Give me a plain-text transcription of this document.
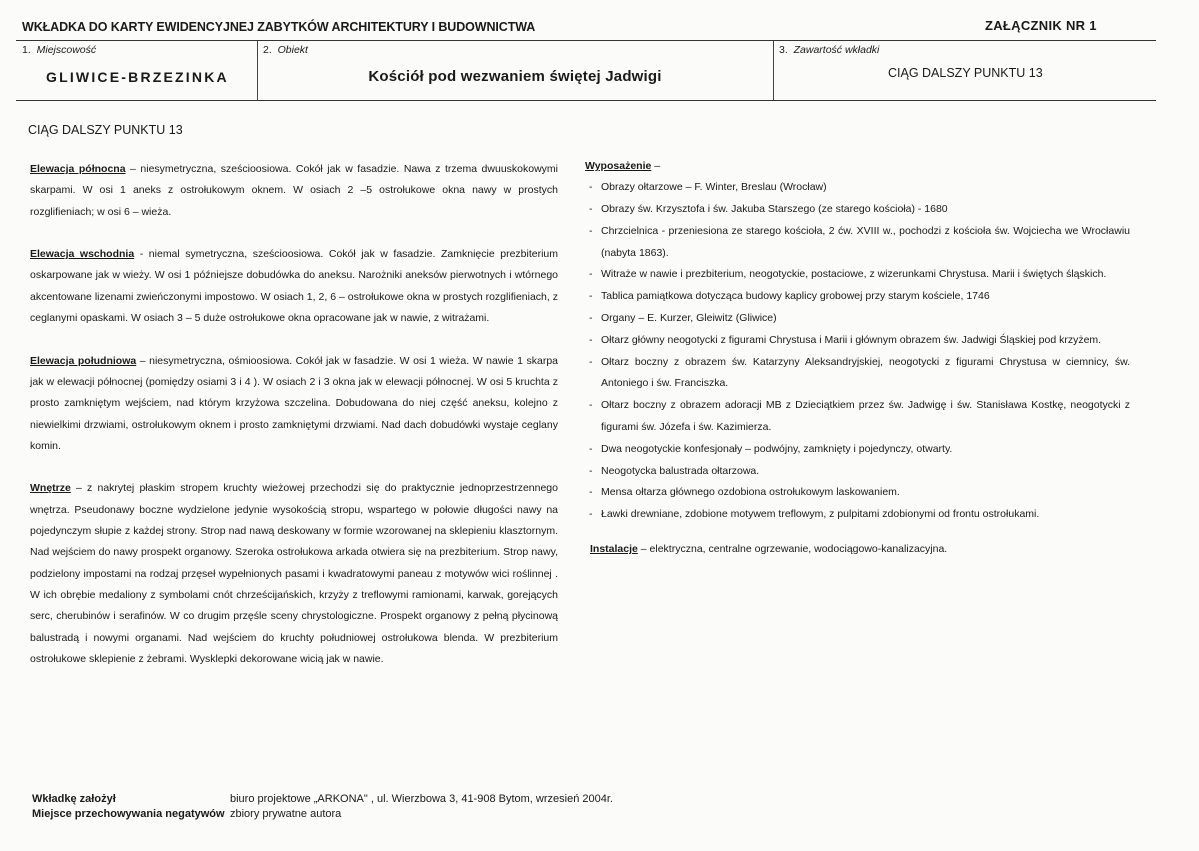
WKŁADKA DO KARTY EWIDENCYJNEJ ZABYTKÓW ARCHITEKTURY I BUDOWNICTWA	ZAŁĄCZNIK NR 1
1. Miejscowość
GLIWICE-BRZEZINKA
2. Obiekt
Kościół pod wezwaniem świętej Jadwigi
3. Zawartość wkładki
CIĄG DALSZY PUNKTU 13
CIĄG DALSZY PUNKTU 13

Elewacja północna – niesymetryczna, sześcioosiowa. Cokół jak w fasadzie. Nawa z trzema dwuuskokowymi skarpami. W osi 1 aneks z ostrołukowym oknem. W osiach 2 –5 ostrołukowe okna nawy w prostych rozglifieniach; w osi 6 – wieża.

Elewacja wschodnia - niemal symetryczna, sześcioosiowa. Cokół jak w fasadzie. Zamknięcie prezbiterium oskarpowane jak w wieży. W osi 1 późniejsze dobudówka do aneksu. Narożniki aneksów pierwotnych i wtórnego akcentowane lizenami zwieńczonymi impostowo. W osiach 1, 2, 6 – ostrołukowe okna w prostych rozglifieniach, z ceglanymi opaskami. W osiach 3 – 5 duże ostrołukowe okna opracowane jak w nawie, z witrażami.

Elewacja południowa – niesymetryczna, ośmioosiowa. Cokół jak w fasadzie. W osi 1 wieża. W nawie 1 skarpa jak w elewacji północnej (pomiędzy osiami 3 i 4 ). W osiach 2 i 3 okna jak w elewacji północnej. W osi 5 kruchta z prosto zamkniętym wejściem, nad którym krzyżowa szczelina. Dobudowana do niej część aneksu, kolejno z niewielkimi drzwiami, ostrołukowym oknem i prosto zamkniętymi drzwiami. Nad dach dobudówki wystaje ceglany komin.

Wnętrze – z nakrytej płaskim stropem kruchty wieżowej przechodzi się do praktycznie jednoprzestrzennego wnętrza. Pseudonawy boczne wydzielone jedynie wysokością stropu, wspartego w połowie długości nawy na pojedynczym słupie z każdej strony. Strop nad nawą deskowany w formie wzorowanej na sklepieniu klasztornym. Nad wejściem do nawy prospekt organowy. Szeroka ostrołukowa arkada otwiera się na prezbiterium. Strop nawy, podzielony impostami na rodzaj przęseł wypełnionych pasami i kwadratowymi paneau z motywów wici roślinnej . W ich obrębie medaliony z symbolami cnót chrześcijańskich, krzyży z treflowymi ramionami, karwak, gorejących serc, cherubinów i serafinów. W co drugim przęśle sceny chrystologiczne. Prospekt organowy z pełną płycinową balustradą i nowymi organami. Nad wejściem do kruchty południowej ostrołukowa blenda. W prezbiterium ostrołukowe sklepienie z żebrami. Wysklepki dekorowane wicią jak w nawie.

Wyposażenie –
- Obrazy ołtarzowe – F. Winter, Breslau (Wrocław)
- Obrazy św. Krzysztofa i św. Jakuba Starszego (ze starego kościoła) - 1680
- Chrzcielnica - przeniesiona ze starego kościoła, 2 ćw. XVIII w., pochodzi z kościoła św. Wojciecha we Wrocławiu (nabyta 1863).
- Witraże w nawie i prezbiterium, neogotyckie, postaciowe, z wizerunkami Chrystusa. Marii i świętych śląskich.
- Tablica pamiątkowa dotycząca budowy kaplicy grobowej przy starym kościele, 1746
- Organy – E. Kurzer, Gleiwitz (Gliwice)
- Ołtarz główny neogotycki z figurami Chrystusa i Marii i głównym obrazem św. Jadwigi Śląskiej pod krzyżem.
- Ołtarz boczny z obrazem św. Katarzyny Aleksandryjskiej, neogotycki z figurami Chrystusa w ciemnicy, św. Antoniego i św. Franciszka.
- Ołtarz boczny z obrazem adoracji MB z Dzieciątkiem przez św. Jadwigę i św. Stanisława Kostkę, neogotycki z figurami św. Józefa i św. Kazimierza.
- Dwa neogotyckie konfesjonały – podwójny, zamknięty i pojedynczy, otwarty.
- Neogotycka balustrada ołtarzowa.
- Mensa ołtarza głównego ozdobiona ostrołukowym laskowaniem.
- Ławki drewniane, zdobione motywem treflowym, z pulpitami zdobionymi od frontu ostrołukami.
Instalacje – elektryczna, centralne ogrzewanie, wodociągowo-kanalizacyjna.
Wkładkę założył	biuro projektowe „ARKONA" , ul. Wierzbowa 3, 41-908 Bytom, wrzesień 2004r.
Miejsce przechowywania negatywów zbiory prywatne autora
